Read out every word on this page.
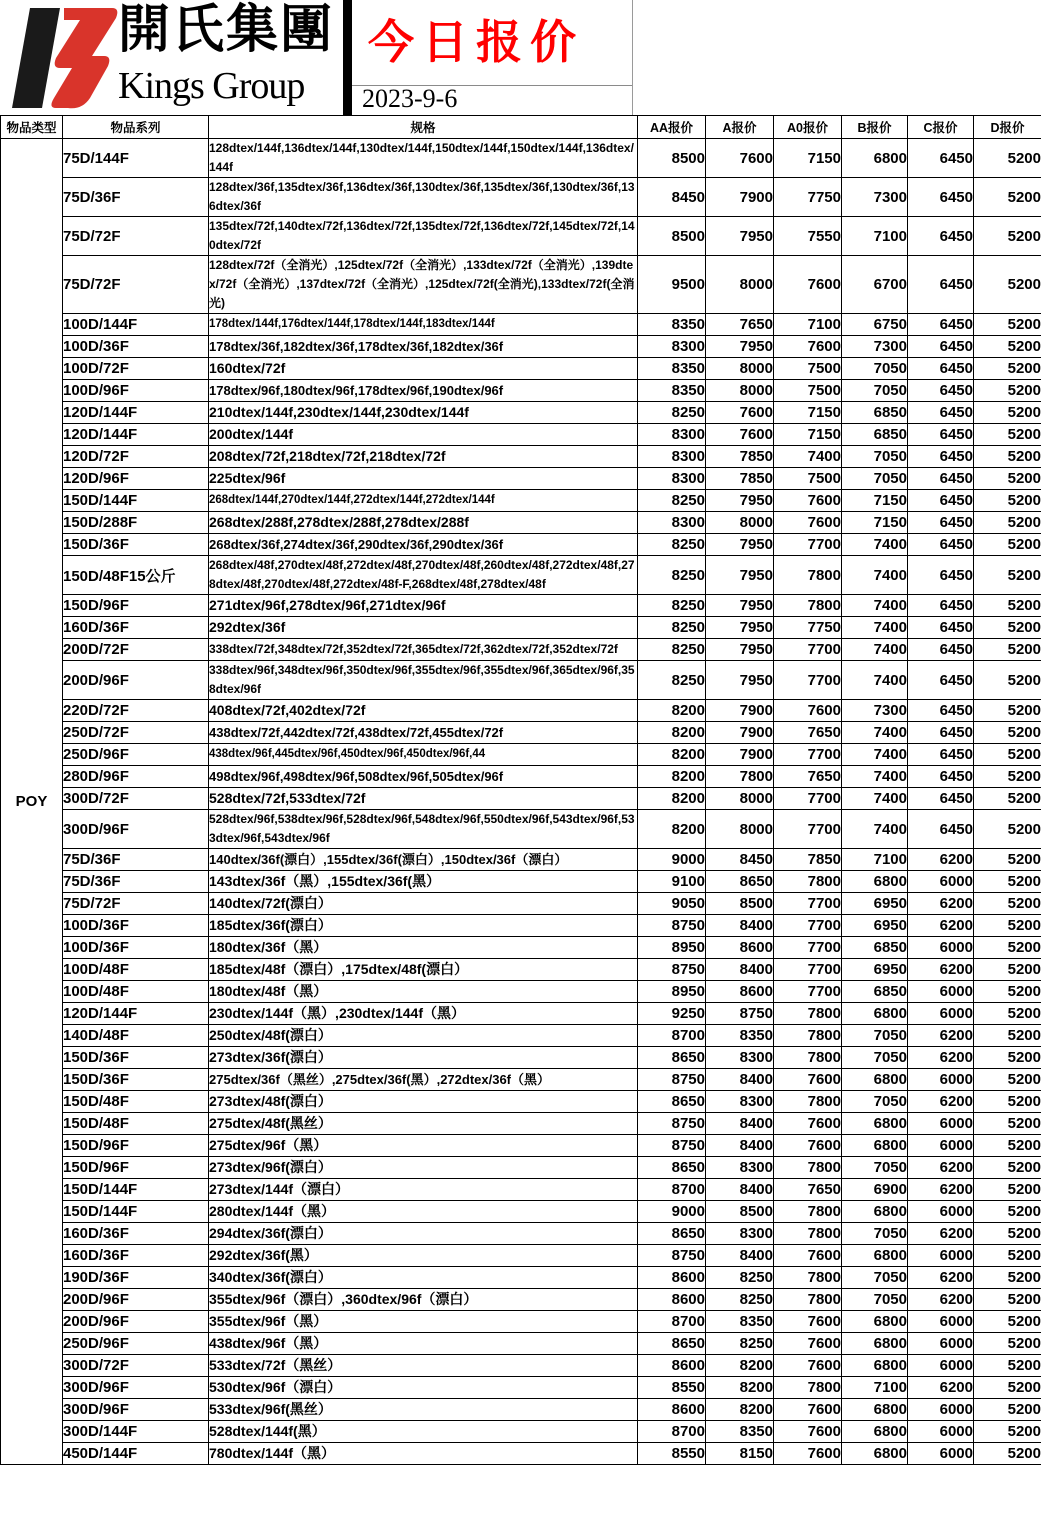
開氏集團
Kings Group
今日报价
2023-9-6
物品类型	物品系列	规格	AA报价	A报价	A0报价	B报价	C报价	D报价
POY	75D/144F	128dtex/144f,136dtex/144f,130dtex/144f,150dtex/144f,150dtex/144f,136dtex/144f	8500	7600	7150	6800	6450	5200
	75D/36F	128dtex/36f,135dtex/36f,136dtex/36f,130dtex/36f,135dtex/36f,130dtex/36f,136dtex/36f	8450	7900	7750	7300	6450	5200
	75D/72F	135dtex/72f,140dtex/72f,136dtex/72f,135dtex/72f,136dtex/72f,145dtex/72f,140dtex/72f	8500	7950	7550	7100	6450	5200
	75D/72F	128dtex/72f（全消光）,125dtex/72f（全消光）,133dtex/72f（全消光）,139dtex/72f（全消光）,137dtex/72f（全消光）,125dtex/72f(全消光),133dtex/72f(全消光)	9500	8000	7600	6700	6450	5200
	100D/144F	178dtex/144f,176dtex/144f,178dtex/144f,183dtex/144f	8350	7650	7100	6750	6450	5200
	100D/36F	178dtex/36f,182dtex/36f,178dtex/36f,182dtex/36f	8300	7950	7600	7300	6450	5200
	100D/72F	160dtex/72f	8350	8000	7500	7050	6450	5200
	100D/96F	178dtex/96f,180dtex/96f,178dtex/96f,190dtex/96f	8350	8000	7500	7050	6450	5200
	120D/144F	210dtex/144f,230dtex/144f,230dtex/144f	8250	7600	7150	6850	6450	5200
	120D/144F	200dtex/144f	8300	7600	7150	6850	6450	5200
	120D/72F	208dtex/72f,218dtex/72f,218dtex/72f	8300	7850	7400	7050	6450	5200
	120D/96F	225dtex/96f	8300	7850	7500	7050	6450	5200
	150D/144F	268dtex/144f,270dtex/144f,272dtex/144f,272dtex/144f	8250	7950	7600	7150	6450	5200
	150D/288F	268dtex/288f,278dtex/288f,278dtex/288f	8300	8000	7600	7150	6450	5200
	150D/36F	268dtex/36f,274dtex/36f,290dtex/36f,290dtex/36f	8250	7950	7700	7400	6450	5200
	150D/48F15公斤	268dtex/48f,270dtex/48f,272dtex/48f,270dtex/48f,260dtex/48f,272dtex/48f,278dtex/48f,270dtex/48f,272dtex/48f-F,268dtex/48f,278dtex/48f	8250	7950	7800	7400	6450	5200
	150D/96F	271dtex/96f,278dtex/96f,271dtex/96f	8250	7950	7800	7400	6450	5200
	160D/36F	292dtex/36f	8250	7950	7750	7400	6450	5200
	200D/72F	338dtex/72f,348dtex/72f,352dtex/72f,365dtex/72f,362dtex/72f,352dtex/72f	8250	7950	7700	7400	6450	5200
	200D/96F	338dtex/96f,348dtex/96f,350dtex/96f,355dtex/96f,355dtex/96f,365dtex/96f,358dtex/96f	8250	7950	7700	7400	6450	5200
	220D/72F	408dtex/72f,402dtex/72f	8200	7900	7600	7300	6450	5200
	250D/72F	438dtex/72f,442dtex/72f,438dtex/72f,455dtex/72f	8200	7900	7650	7400	6450	5200
	250D/96F	438dtex/96f,445dtex/96f,450dtex/96f,450dtex/96f,44	8200	7900	7700	7400	6450	5200
	280D/96F	498dtex/96f,498dtex/96f,508dtex/96f,505dtex/96f	8200	7800	7650	7400	6450	5200
	300D/72F	528dtex/72f,533dtex/72f	8200	8000	7700	7400	6450	5200
	300D/96F	528dtex/96f,538dtex/96f,528dtex/96f,548dtex/96f,550dtex/96f,543dtex/96f,533dtex/96f,543dtex/96f	8200	8000	7700	7400	6450	5200
	75D/36F	140dtex/36f(漂白）,155dtex/36f(漂白）,150dtex/36f（漂白）	9000	8450	7850	7100	6200	5200
	75D/36F	143dtex/36f（黑）,155dtex/36f(黑）	9100	8650	7800	6800	6000	5200
	75D/72F	140dtex/72f(漂白）	9050	8500	7700	6950	6200	5200
	100D/36F	185dtex/36f(漂白）	8750	8400	7700	6950	6200	5200
	100D/36F	180dtex/36f（黑）	8950	8600	7700	6850	6000	5200
	100D/48F	185dtex/48f（漂白）,175dtex/48f(漂白）	8750	8400	7700	6950	6200	5200
	100D/48F	180dtex/48f（黑）	8950	8600	7700	6850	6000	5200
	120D/144F	230dtex/144f（黑）,230dtex/144f（黑）	9250	8750	7800	6800	6000	5200
	140D/48F	250dtex/48f(漂白）	8700	8350	7800	7050	6200	5200
	150D/36F	273dtex/36f(漂白）	8650	8300	7800	7050	6200	5200
	150D/36F	275dtex/36f（黑丝）,275dtex/36f(黑）,272dtex/36f（黑）	8750	8400	7600	6800	6000	5200
	150D/48F	273dtex/48f(漂白）	8650	8300	7800	7050	6200	5200
	150D/48F	275dtex/48f(黑丝）	8750	8400	7600	6800	6000	5200
	150D/96F	275dtex/96f（黑）	8750	8400	7600	6800	6000	5200
	150D/96F	273dtex/96f(漂白）	8650	8300	7800	7050	6200	5200
	150D/144F	273dtex/144f（漂白）	8700	8400	7650	6900	6200	5200
	150D/144F	280dtex/144f（黑）	9000	8500	7800	6800	6000	5200
	160D/36F	294dtex/36f(漂白）	8650	8300	7800	7050	6200	5200
	160D/36F	292dtex/36f(黑）	8750	8400	7600	6800	6000	5200
	190D/36F	340dtex/36f(漂白）	8600	8250	7800	7050	6200	5200
	200D/96F	355dtex/96f（漂白）,360dtex/96f（漂白）	8600	8250	7800	7050	6200	5200
	200D/96F	355dtex/96f（黑）	8700	8350	7600	6800	6000	5200
	250D/96F	438dtex/96f（黑）	8650	8250	7600	6800	6000	5200
	300D/72F	533dtex/72f（黑丝）	8600	8200	7600	6800	6000	5200
	300D/96F	530dtex/96f（漂白）	8550	8200	7800	7100	6200	5200
	300D/96F	533dtex/96f(黑丝）	8600	8200	7600	6800	6000	5200
	300D/144F	528dtex/144f(黑）	8700	8350	7600	6800	6000	5200
	450D/144F	780dtex/144f（黑）	8550	8150	7600	6800	6000	5200
